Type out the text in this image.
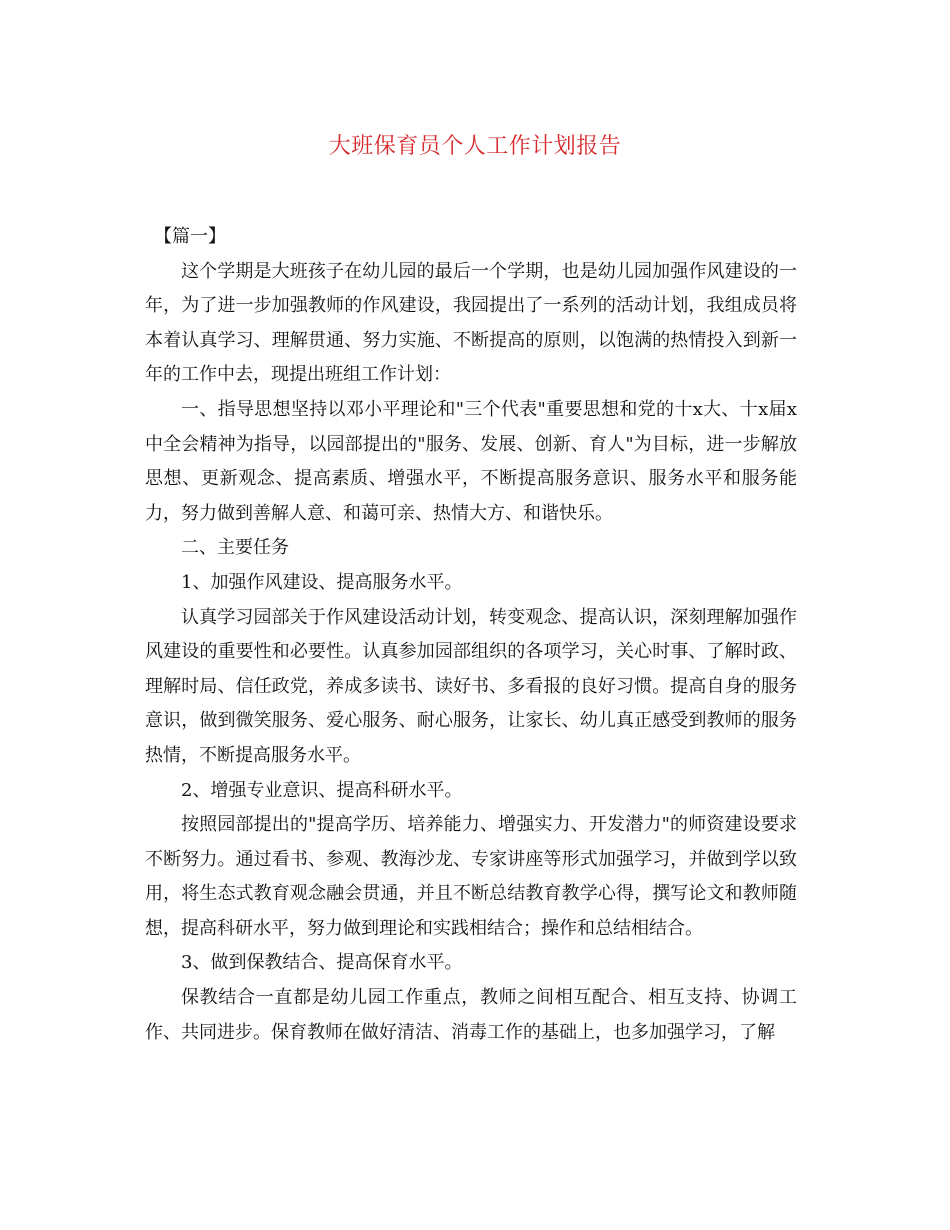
大班保育员个人工作计划报告

【篇一】

这个学期是大班孩子在幼儿园的最后一个学期，也是幼儿园加强作风建设的一年，为了进一步加强教师的作风建设，我园提出了一系列的活动计划，我组成员将本着认真学习、理解贯通、努力实施、不断提高的原则，以饱满的热情投入到新一年的工作中去，现提出班组工作计划：

一、指导思想坚持以邓小平理论和"三个代表"重要思想和党的十x大、十x届x中全会精神为指导，以园部提出的"服务、发展、创新、育人"为目标，进一步解放思想、更新观念、提高素质、增强水平，不断提高服务意识、服务水平和服务能力，努力做到善解人意、和蔼可亲、热情大方、和谐快乐。

二、主要任务

1、加强作风建设、提高服务水平。

认真学习园部关于作风建设活动计划，转变观念、提高认识，深刻理解加强作风建设的重要性和必要性。认真参加园部组织的各项学习，关心时事、了解时政、理解时局、信任政党，养成多读书、读好书、多看报的良好习惯。提高自身的服务意识，做到微笑服务、爱心服务、耐心服务，让家长、幼儿真正感受到教师的服务热情，不断提高服务水平。

2、增强专业意识、提高科研水平。

按照园部提出的"提高学历、培养能力、增强实力、开发潜力"的师资建设要求不断努力。通过看书、参观、教海沙龙、专家讲座等形式加强学习，并做到学以致用，将生态式教育观念融会贯通，并且不断总结教育教学心得，撰写论文和教师随想，提高科研水平，努力做到理论和实践相结合；操作和总结相结合。

3、做到保教结合、提高保育水平。

保教结合一直都是幼儿园工作重点，教师之间相互配合、相互支持、协调工作、共同进步。保育教师在做好清洁、消毒工作的基础上，也多加强学习，了解
